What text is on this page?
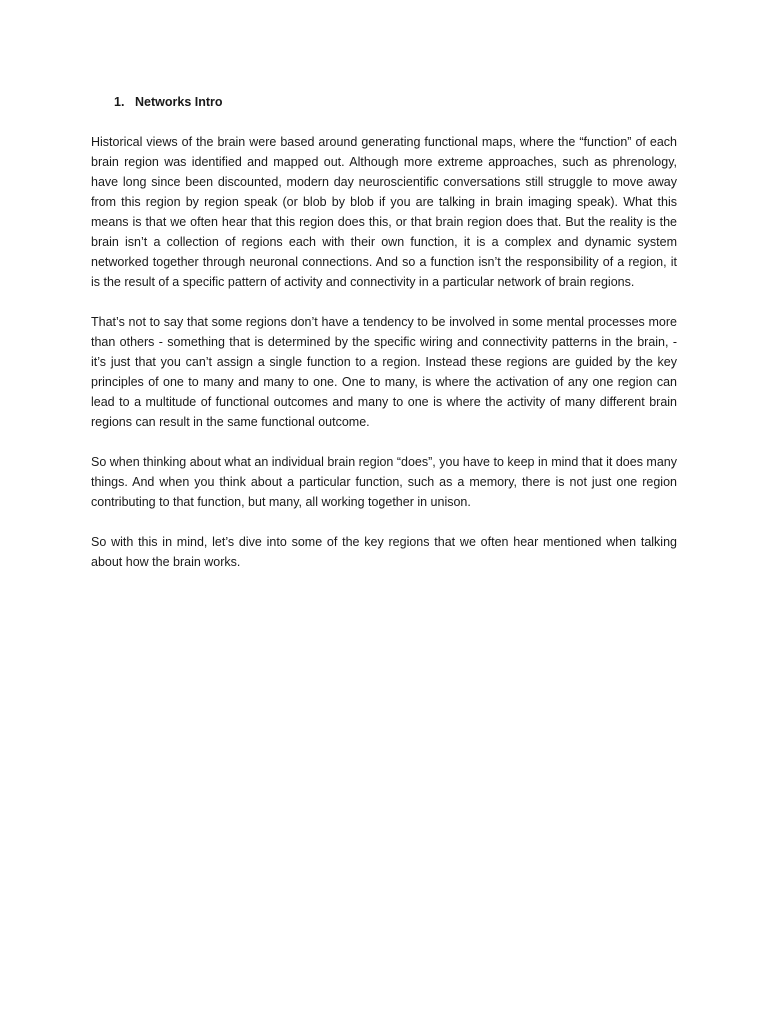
1. Networks Intro

Historical views of the brain were based around generating functional maps, where the “function” of each brain region was identified and mapped out. Although more extreme approaches, such as phrenology, have long since been discounted, modern day neuroscientific conversations still struggle to move away from this region by region speak (or blob by blob if you are talking in brain imaging speak). What this means is that we often hear that this region does this, or that brain region does that. But the reality is the brain isn’t a collection of regions each with their own function, it is a complex and dynamic system networked together through neuronal connections. And so a function isn’t the responsibility of a region, it is the result of a specific pattern of activity and connectivity in a particular network of brain regions.

That’s not to say that some regions don’t have a tendency to be involved in some mental processes more than others - something that is determined by the specific wiring and connectivity patterns in the brain, - it’s just that you can’t assign a single function to a region. Instead these regions are guided by the key principles of one to many and many to one. One to many, is where the activation of any one region can lead to a multitude of functional outcomes and many to one is where the activity of many different brain regions can result in the same functional outcome.

So when thinking about what an individual brain region “does”, you have to keep in mind that it does many things. And when you think about a particular function, such as a memory, there is not just one region contributing to that function, but many, all working together in unison.

So with this in mind, let’s dive into some of the key regions that we often hear mentioned when talking about how the brain works.
